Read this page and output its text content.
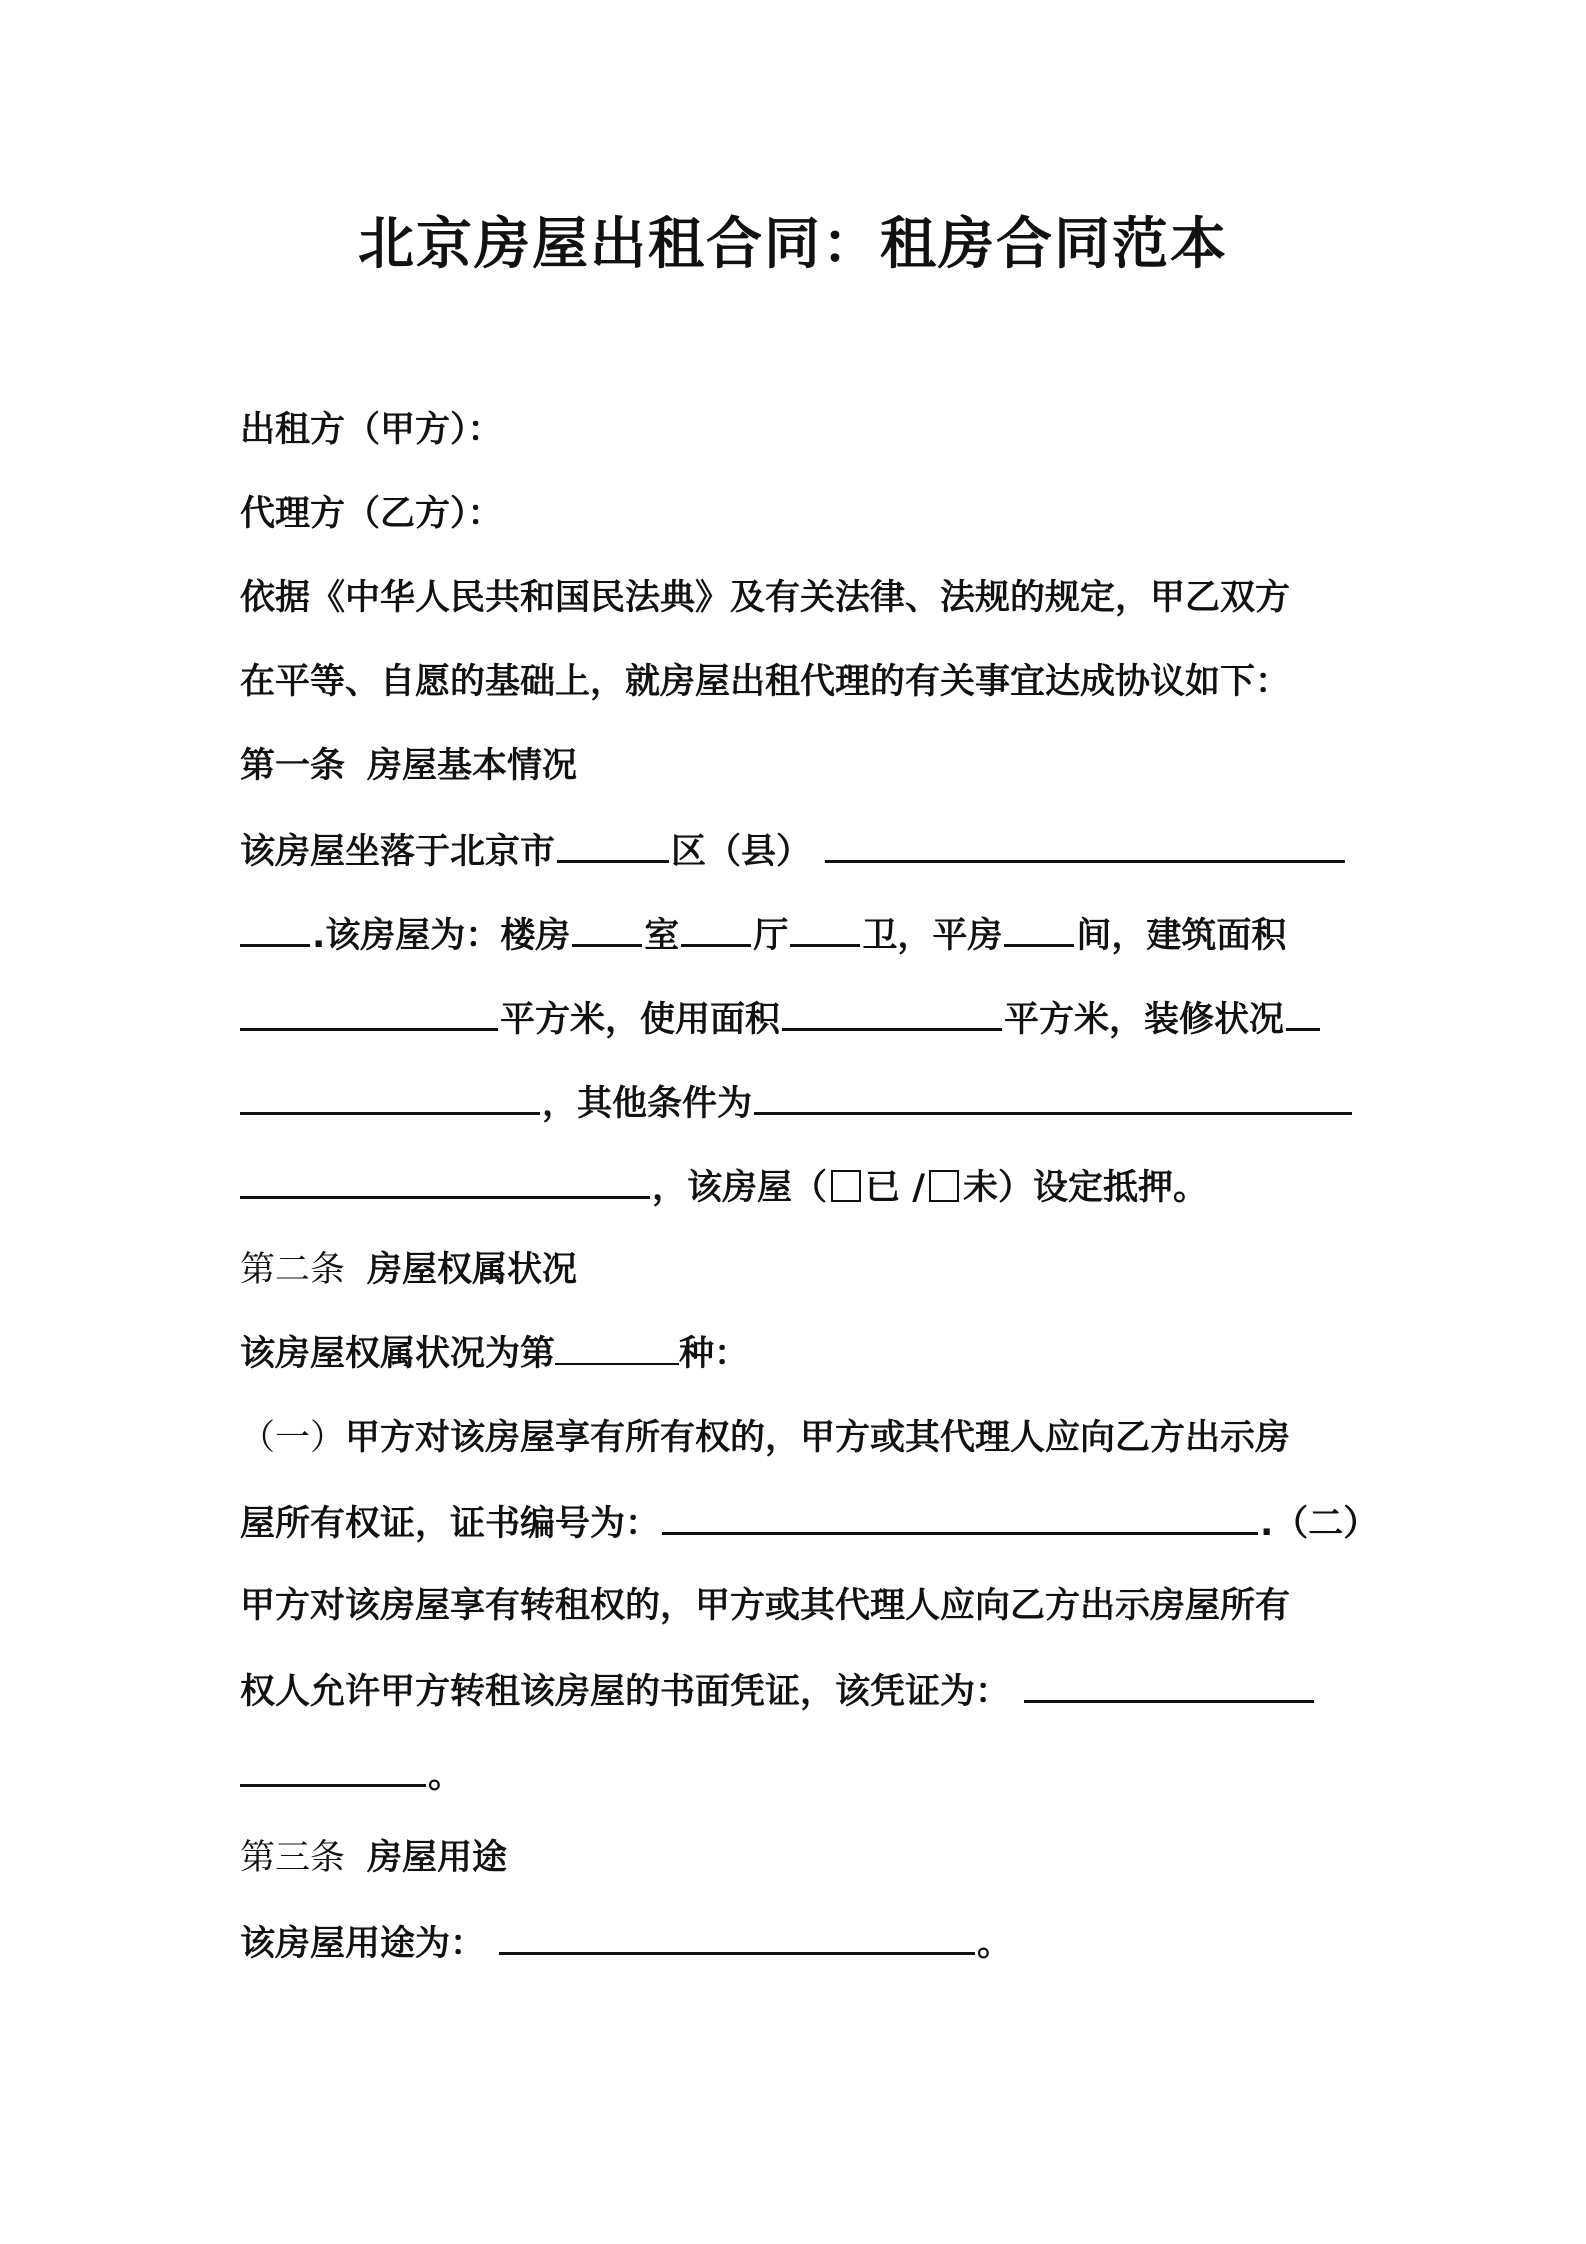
北京房屋出租合同：租房合同范本
出租方（甲方）：
代理方（乙方）：
依据《中华人民共和国民法典》及有关法律、法规的规定，甲乙双方
在平等、自愿的基础上，就房屋出租代理的有关事宜达成协议如下：
第一条 房屋基本情况
该房屋坐落于北京市	区（县）
.该房屋为：楼房 室 厅 卫，平房 间，建筑面积
平方米，使用面积	平方米，装修状况
，其他条件为
，该房屋（ 已 / 未）设定抵押。
第二条 房屋权属状况
该房屋权属状况为第	种：
（一）甲方对该房屋享有所有权的，甲方或其代理人应向乙方出示房
屋所有权证，证书编号为：	.（二）
甲方对该房屋享有转租权的，甲方或其代理人应向乙方出示房屋所有
权人允许甲方转租该房屋的书面凭证，该凭证为：
。
第三条 房屋用途
该房屋用途为：	。
